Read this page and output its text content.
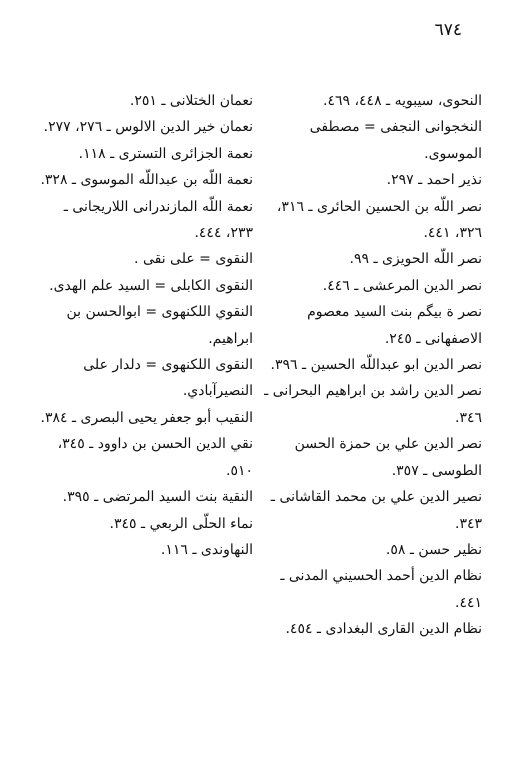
٦٧٤
النحوى، سيبويه ـ ٤٤٨، ٤٦٩.
النخجوانى النجفى = مصطفى الموسوى.
نذير احمد ـ ٢٩٧.
نصر اللّه بن الحسين الحائرى ـ ٣١٦، ٣٢٦، ٤٤١.
نصر اللّه الحويزى ـ ٩٩.
نصر الدين المرعشى ـ ٤٤٦.
نصر ة بيگم بنت السيد معصوم الاصفهانى ـ ٢٤٥.
نصر الدين ابو عبداللّه الحسين ـ ٣٩٦.
نصر الدين راشد بن ابراهيم البحرانى ـ ٣٤٦.
نصر الدين علي بن حمزة الحسن الطوسى ـ ٣٥٧.
نصير الدين علي بن محمد القاشانى ـ ٣٤٣.
نظير حسن ـ ٥٨.
نظام الدين أحمد الحسيني المدنى ـ ٤٤١.
نظام الدين القارى البغدادى ـ ٤٥٤.
نعمان الختلانى ـ ٢٥١.
نعمان خير الدين الالوس ـ ٢٧٦، ٢٧٧.
نعمة الجزائرى التسترى ـ ١١٨.
نعمة اللّه بن عبداللّه الموسوى ـ ٣٢٨.
نعمة اللّه المازندرانى اللاريجانى ـ ٢٣٣، ٤٤٤.
النقوى = على نقى .
النقوى الكابلى = السيد علم الهدى.
النقوي اللكنهوى = ابوالحسن بن ابراهيم.
النقوى اللكنهوى = دلدار على النصيرآبادي.
النقيب أبو جعفر يحيى البصرى ـ ٣٨٤.
نقي الدين الحسن بن داوود ـ ٣٤٥، ٥١٠.
النقية بنت السيد المرتضى ـ ٣٩٥.
نماء الحلّى الربعي ـ ٣٤٥.
النهاوندى ـ ١١٦.
